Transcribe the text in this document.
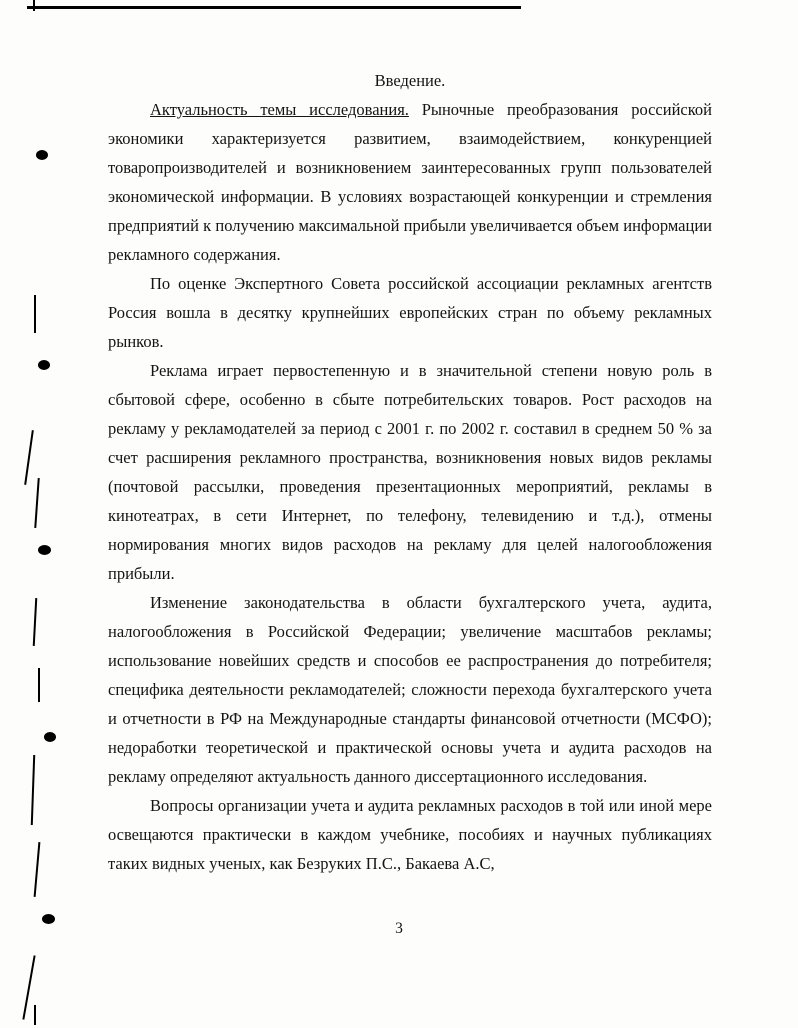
Введение.

Актуальность темы исследования. Рыночные преобразования российской экономики характеризуется развитием, взаимодействием, конкуренцией товаропроизводителей и возникновением заинтересованных групп пользователей экономической информации. В условиях возрастающей конкуренции и стремления предприятий к получению максимальной прибыли увеличивается объем информации рекламного содержания.

По оценке Экспертного Совета российской ассоциации рекламных агентств Россия вошла в десятку крупнейших европейских стран по объему рекламных рынков.

Реклама играет первостепенную и в значительной степени новую роль в сбытовой сфере, особенно в сбыте потребительских товаров. Рост расходов на рекламу у рекламодателей за период с 2001 г. по 2002 г. составил в среднем 50 % за счет расширения рекламного пространства, возникновения новых видов рекламы (почтовой рассылки, проведения презентационных мероприятий, рекламы в кинотеатрах, в сети Интернет, по телефону, телевидению и т.д.), отмены нормирования многих видов расходов на рекламу для целей налогообложения прибыли.

Изменение законодательства в области бухгалтерского учета, аудита, налогообложения в Российской Федерации; увеличение масштабов рекламы; использование новейших средств и способов ее распространения до потребителя; специфика деятельности рекламодателей; сложности перехода бухгалтерского учета и отчетности в РФ на Международные стандарты финансовой отчетности (МСФО); недоработки теоретической и практической основы учета и аудита расходов на рекламу определяют актуальность данного диссертационного исследования.

Вопросы организации учета и аудита рекламных расходов в той или иной мере освещаются практически в каждом учебнике, пособиях и научных публикациях таких видных ученых, как Безруких П.С., Бакаева А.С,

3
